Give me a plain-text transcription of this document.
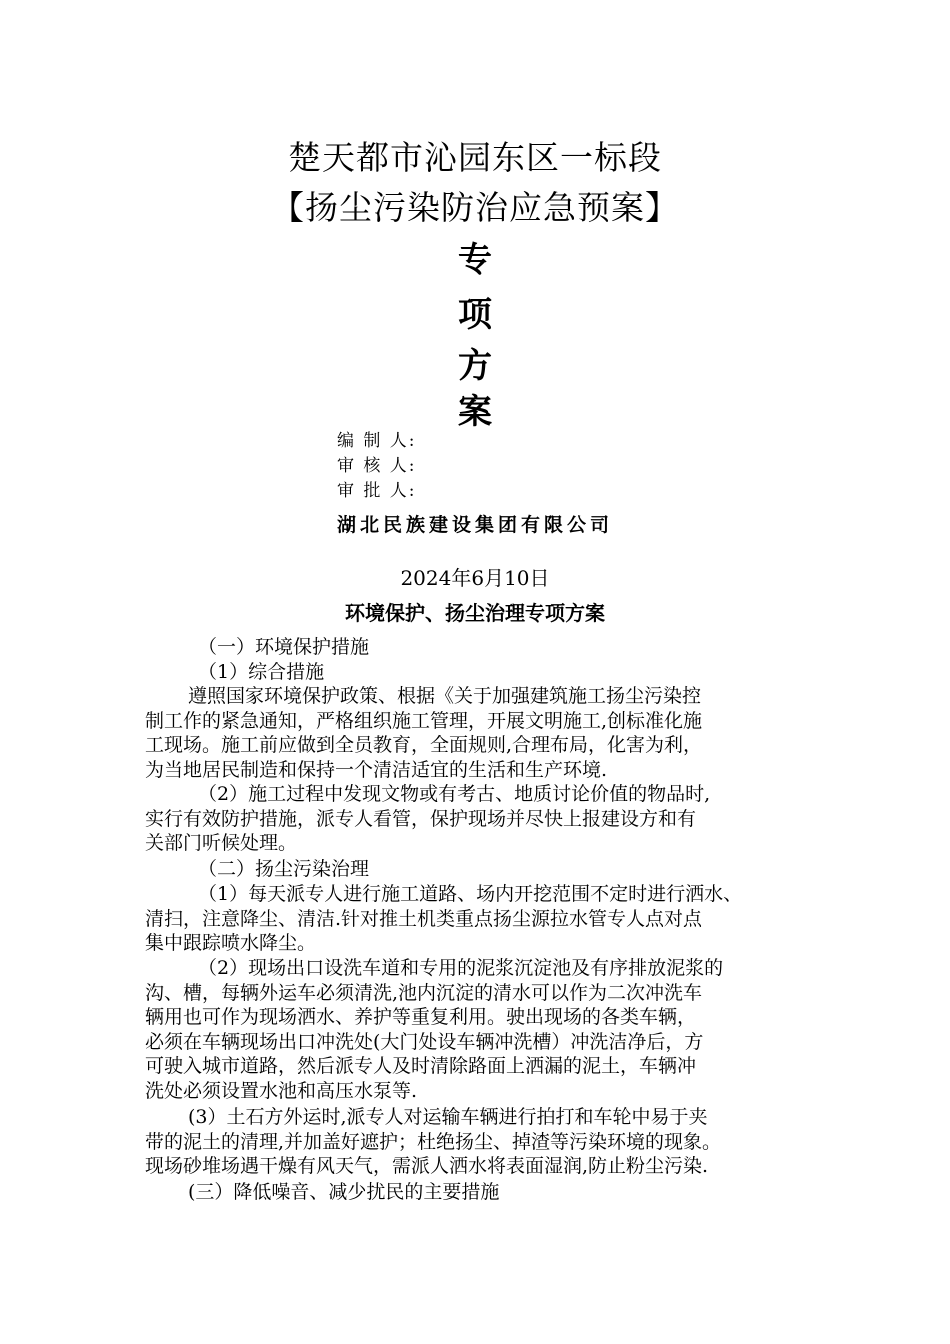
楚天都市沁园东区一标段
【扬尘污染防治应急预案】
专
项
方
案
编 制 人:
审 核 人:
审 批 人:
湖北民族建设集团有限公司
2024年6月10日
环境保护、扬尘治理专项方案
（一）环境保护措施
（1）综合措施
遵照国家环境保护政策、根据《关于加强建筑施工扬尘污染控
制工作的紧急通知，严格组织施工管理，开展文明施工,创标准化施
工现场。施工前应做到全员教育，全面规则,合理布局，化害为利，
为当地居民制造和保持一个清洁适宜的生活和生产环境.
（2）施工过程中发现文物或有考古、地质讨论价值的物品时,
实行有效防护措施，派专人看管，保护现场并尽快上报建设方和有
关部门听候处理。
（二）扬尘污染治理
（1）每天派专人进行施工道路、场内开挖范围不定时进行洒水、
清扫，注意降尘、清洁.针对推土机类重点扬尘源拉水管专人点对点
集中跟踪喷水降尘。
（2）现场出口设洗车道和专用的泥浆沉淀池及有序排放泥浆的
沟、槽，每辆外运车必须清洗,池内沉淀的清水可以作为二次冲洗车
辆用也可作为现场洒水、养护等重复利用。驶出现场的各类车辆，
必须在车辆现场出口冲洗处(大门处设车辆冲洗槽）冲洗洁净后，方
可驶入城市道路，然后派专人及时清除路面上洒漏的泥土，车辆冲
洗处必须设置水池和高压水泵等.
(3）土石方外运时,派专人对运输车辆进行拍打和车轮中易于夹
带的泥土的清理,并加盖好遮护；杜绝扬尘、掉渣等污染环境的现象。
现场砂堆场遇干燥有风天气，需派人洒水将表面湿润,防止粉尘污染.
(三）降低噪音、减少扰民的主要措施
